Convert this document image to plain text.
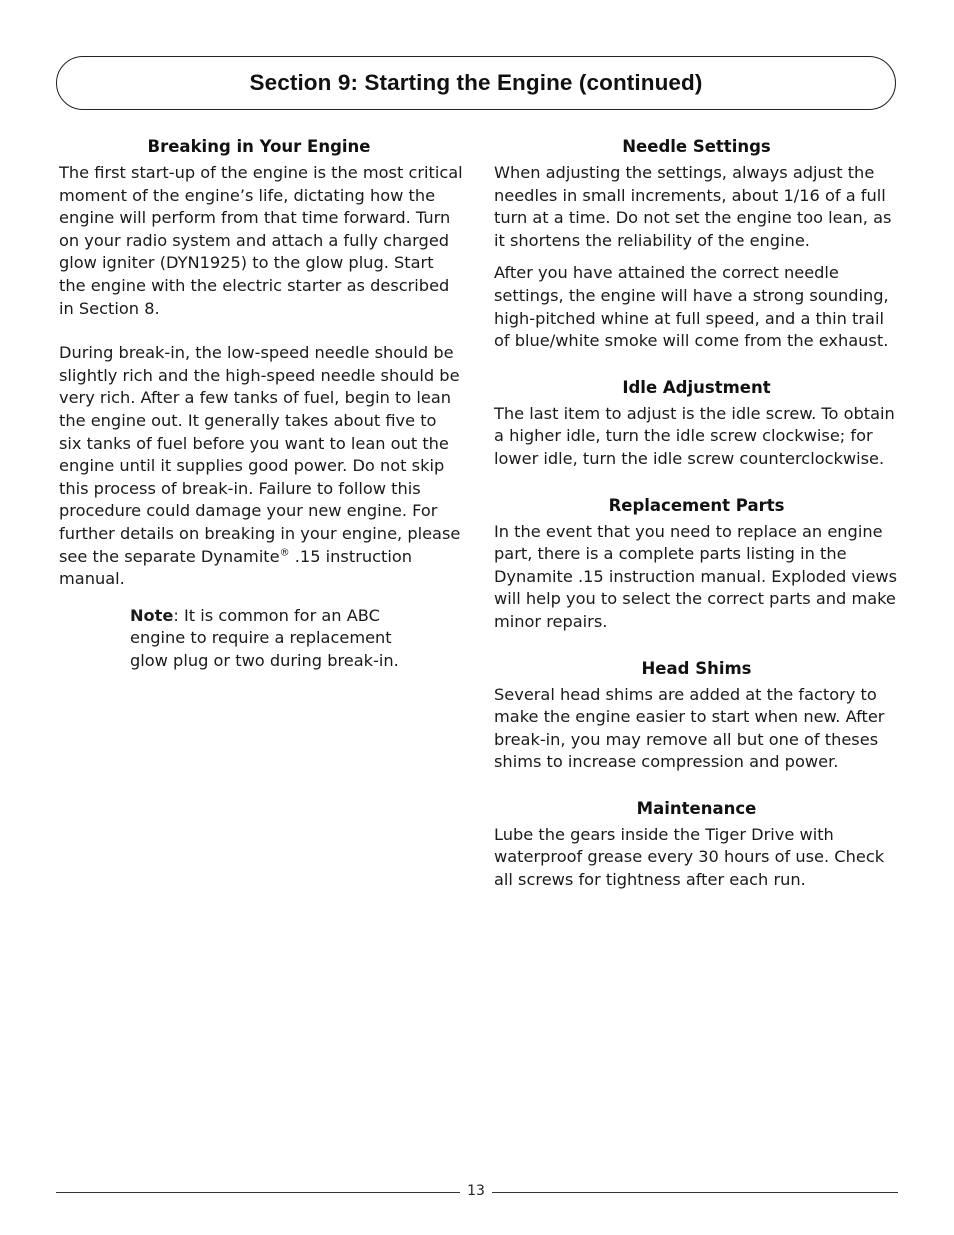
Section 9: Starting the Engine (continued)
Breaking in Your Engine

The first start-up of the engine is the most critical moment of the engine’s life, dictating how the engine will perform from that time forward. Turn on your radio system and attach a fully charged glow igniter (DYN1925) to the glow plug. Start the engine with the electric starter as described in Section 8.

During break-in, the low-speed needle should be slightly rich and the high-speed needle should be very rich. After a few tanks of fuel, begin to lean the engine out. It generally takes about five to six tanks of fuel before you want to lean out the engine until it supplies good power. Do not skip this process of break-in. Failure to follow this procedure could damage your new engine. For further details on breaking in your engine, please see the separate Dynamite® .15 instruction manual.

Note: It is common for an ABC engine to require a replacement glow plug or two during break-in.

Needle Settings

When adjusting the settings, always adjust the needles in small increments, about 1/16 of a full turn at a time. Do not set the engine too lean, as it shortens the reliability of the engine.

After you have attained the correct needle settings, the engine will have a strong sounding, high-pitched whine at full speed, and a thin trail of blue/white smoke will come from the exhaust.

Idle Adjustment

The last item to adjust is the idle screw. To obtain a higher idle, turn the idle screw clockwise; for lower idle, turn the idle screw counterclockwise.

Replacement Parts

In the event that you need to replace an engine part, there is a complete parts listing in the Dynamite .15 instruction manual. Exploded views will help you to select the correct parts and make minor repairs.

Head Shims

Several head shims are added at the factory to make the engine easier to start when new. After break-in, you may remove all but one of theses shims to increase compression and power.

Maintenance

Lube the gears inside the Tiger Drive with waterproof grease every 30 hours of use. Check all screws for tightness after each run.

13
